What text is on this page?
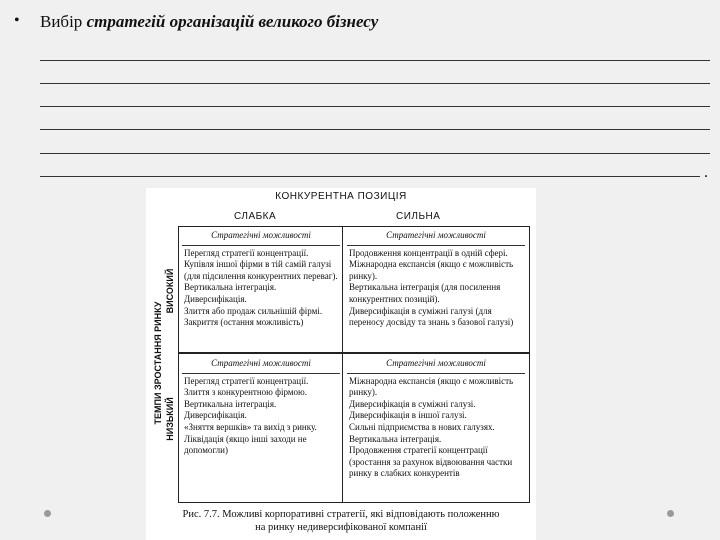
• Вибір стратегій організацій великого бізнесу
.
КОНКУРЕНТНА ПОЗИЦІЯ
СЛАБКА	СИЛЬНА
ТЕМПИ ЗРОСТАННЯ РИНКУ
ВИСОКИЙ
НИЗЬКИЙ
Стратегічні можливості
Перегляд стратегії концентрації.
Купівля іншої фірми в тій самій галузі (для підсилення конкурентних переваг).
Вертикальна інтеграція.
Диверсифікація.
Злиття або продаж сильнішій фірмі.
Закриття (остання можливість)
Стратегічні можливості
Продовження концентрації в одній сфері.
Міжнародна експансія (якщо є можливість ринку).
Вертикальна інтеграція (для посилення конкурентних позицій).
Диверсифікація в суміжні галузі (для переносу досвіду та знань з базової галузі)
Стратегічні можливості
Перегляд стратегії концентрації.
Злиття з конкурентною фірмою.
Вертикальна інтеграція.
Диверсифікація.
«Зняття вершків» та вихід з ринку.
Ліквідація (якщо інші заходи не допомогли)
Стратегічні можливості
Міжнародна експансія (якщо є можливість ринку).
Диверсифікація в суміжні галузі.
Диверсифікація в іншої галузі.
Сильні підприємства в нових галузях.
Вертикальна інтеграція.
Продовження стратегії концентрації (зростання за рахунок відвоювання частки ринку в слабких конкурентів
Рис. 7.7. Можливі корпоративні стратегії, які відповідають положенню
на ринку недиверсифікованої компанії
